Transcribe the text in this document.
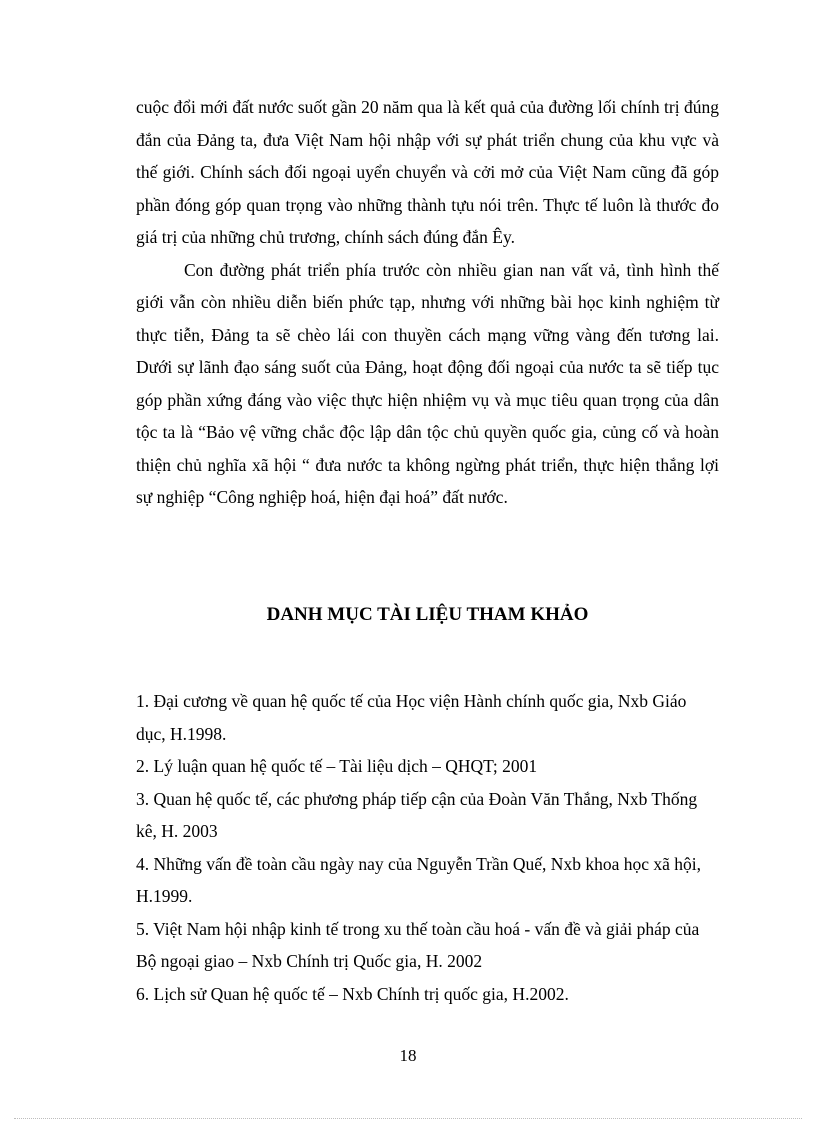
cuộc đổi mới đất nước suốt gần 20 năm qua là kết quả của đường lối chính trị đúng đắn của Đảng ta, đưa Việt Nam hội nhập với sự phát triển chung của khu vực và thế giới. Chính sách đối ngoại uyển chuyển và cởi mở của Việt Nam cũng đã góp phần đóng góp quan trọng vào những thành tựu nói trên. Thực tế luôn là thước đo giá trị của những chủ trương, chính sách đúng đắn Êy.

Con đường phát triển phía trước còn nhiều gian nan vất vả, tình hình thế giới vẫn còn nhiều diễn biến phức tạp, nhưng với những bài học kinh nghiệm từ thực tiễn, Đảng ta sẽ chèo lái con thuyền cách mạng vững vàng đến tương lai. Dưới sự lãnh đạo sáng suốt của Đảng, hoạt động đối ngoại của nước ta sẽ tiếp tục góp phần xứng đáng vào việc thực hiện nhiệm vụ và mục tiêu quan trọng của dân tộc ta là “Bảo vệ vững chắc độc lập dân tộc chủ quyền quốc gia, củng cố và hoàn thiện chủ nghĩa xã hội “ đưa nước ta không ngừng phát triển, thực hiện thắng lợi sự nghiệp “Công nghiệp hoá, hiện đại hoá” đất nước.

DANH MỤC TÀI LIỆU THAM KHẢO
1. Đại cương về quan hệ quốc tế của Học viện Hành chính quốc gia, Nxb Giáo dục, H.1998.
2. Lý luận quan hệ quốc tế – Tài liệu dịch – QHQT; 2001
3. Quan hệ quốc tế, các phương pháp tiếp cận của Đoàn Văn Thắng, Nxb Thống kê, H. 2003
4. Những vấn đề toàn cầu ngày nay của Nguyễn Trần Quế, Nxb khoa học xã hội, H.1999.
5. Việt Nam hội nhập kinh tế trong xu thế toàn cầu hoá - vấn đề và giải pháp của Bộ ngoại giao – Nxb Chính trị Quốc gia, H. 2002
6. Lịch sử Quan hệ quốc tế – Nxb Chính trị quốc gia, H.2002.
18
